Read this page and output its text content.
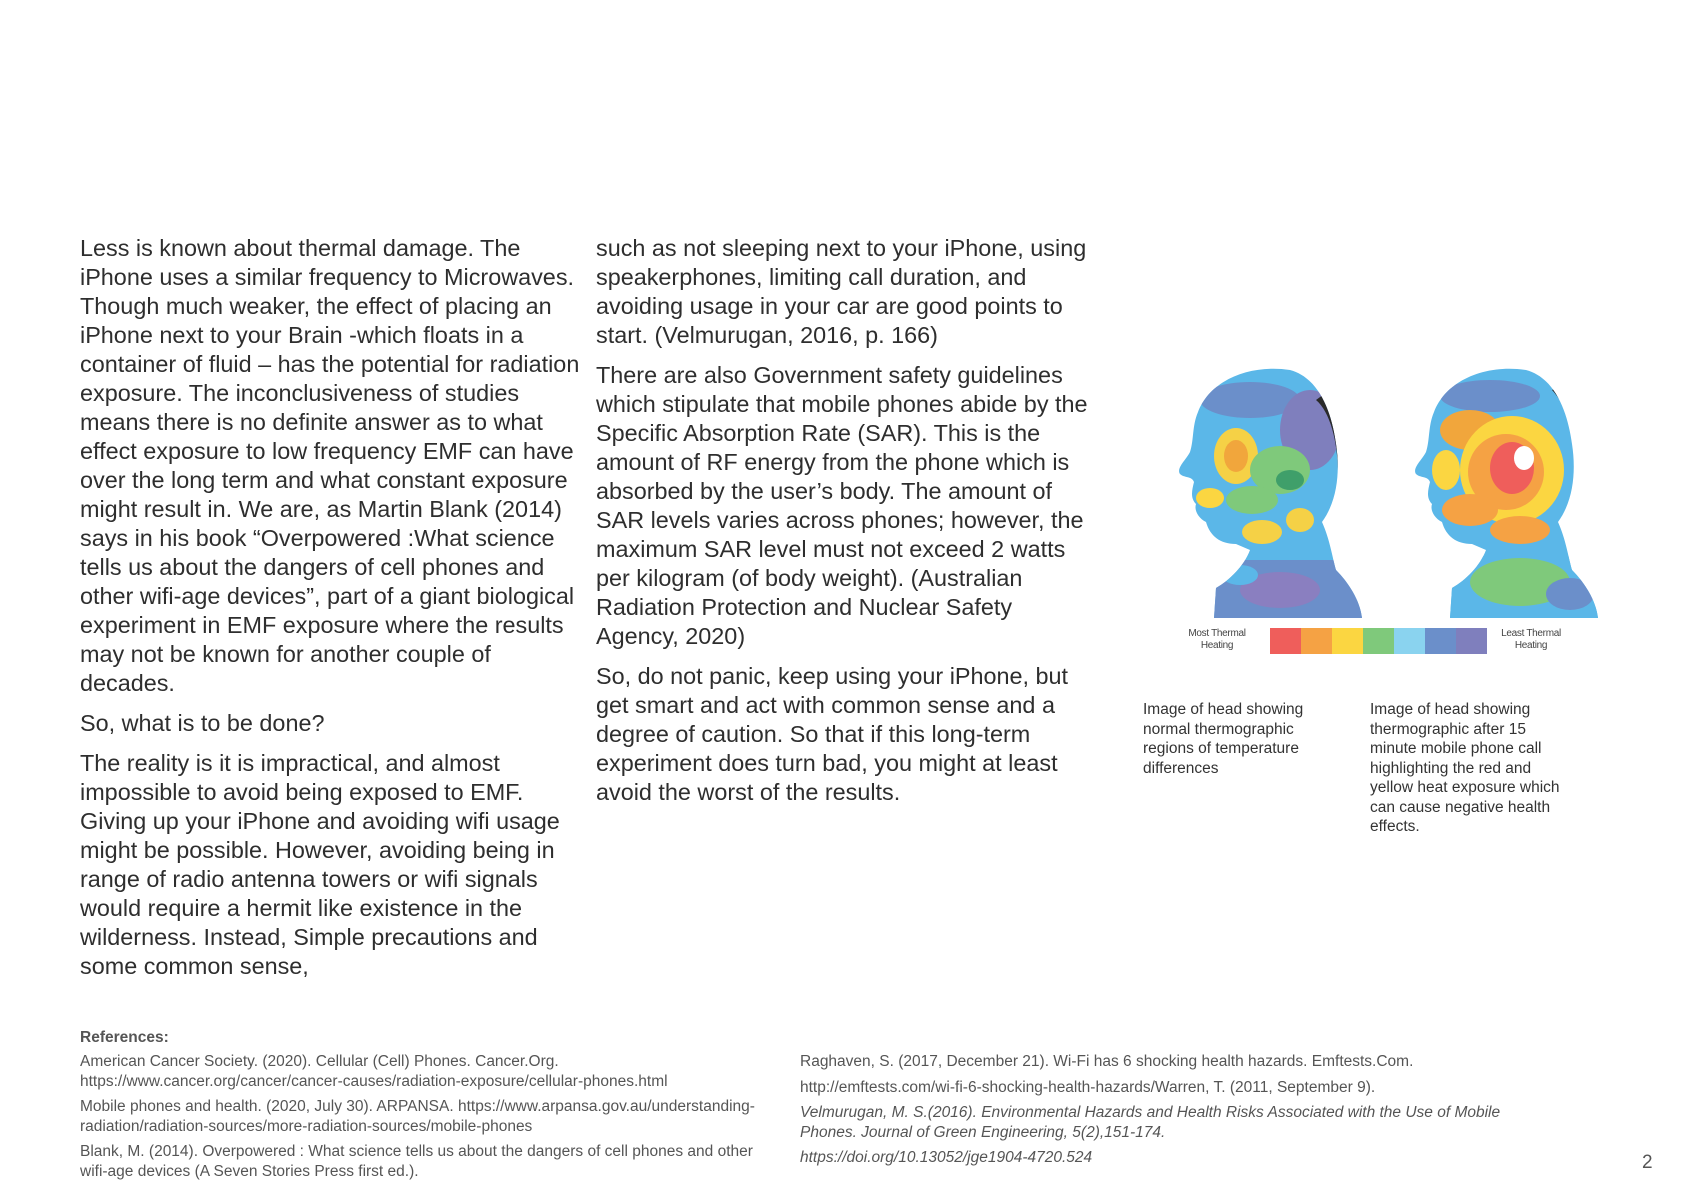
Less is known about thermal damage. The iPhone uses a similar frequency to Microwaves. Though much weaker, the effect of placing an iPhone next to your Brain -which floats in a container of fluid – has the potential for radiation exposure. The inconclusiveness of studies means there is no definite answer as to what effect exposure to low frequency EMF can have over the long term and what constant exposure might result in. We are, as Martin Blank (2014) says in his book “Overpowered :What science tells us about the dangers of cell phones and other wifi-age devices”, part of a giant biological experiment in EMF exposure where the results may not be known for another couple of decades.

So, what is to be done?

The reality is it is impractical, and almost impossible to avoid being exposed to EMF. Giving up your iPhone and avoiding wifi usage might be possible. However, avoiding being in range of radio antenna towers or wifi signals would require a hermit like existence in the wilderness. Instead, Simple precautions and some common sense,

such as not sleeping next to your iPhone, using speakerphones, limiting call duration, and avoiding usage in your car are good points to start. (Velmurugan, 2016, p. 166)

There are also Government safety guidelines which stipulate that mobile phones abide by the Specific Absorption Rate (SAR). This is the amount of RF energy from the phone which is absorbed by the user’s body. The amount of SAR levels varies across phones; however, the maximum SAR level must not exceed 2 watts per kilogram (of body weight). (Australian Radiation Protection and Nuclear Safety Agency, 2020)

So, do not panic, keep using your iPhone, but get smart and act with common sense and a degree of caution. So that if this long-term experiment does turn bad, you might at least avoid the worst of the results.

Most Thermal Heating
Least Thermal Heating
Image of head showing normal thermographic regions of temperature differences
Image of head showing thermographic after 15 minute mobile phone call highlighting the red and yellow heat exposure which can cause negative health effects.
References:
American Cancer Society. (2020). Cellular (Cell) Phones. Cancer.Org. https://www.cancer.org/cancer/cancer-causes/radiation-exposure/cellular-phones.html
Mobile phones and health. (2020, July 30). ARPANSA. https://www.arpansa.gov.au/understanding-radiation/radiation-sources/more-radiation-sources/mobile-phones
Blank, M. (2014). Overpowered : What science tells us about the dangers of cell phones and other wifi-age devices (A Seven Stories Press first ed.).
Raghaven, S. (2017, December 21). Wi-Fi has 6 shocking health hazards. Emftests.Com.
http://emftests.com/wi-fi-6-shocking-health-hazards/Warren, T. (2011, September 9).
Velmurugan, M. S.(2016). Environmental Hazards and Health Risks Associated with the Use of Mobile Phones. Journal of Green Engineering, 5(2),151-174.
https://doi.org/10.13052/jge1904-4720.524	2
